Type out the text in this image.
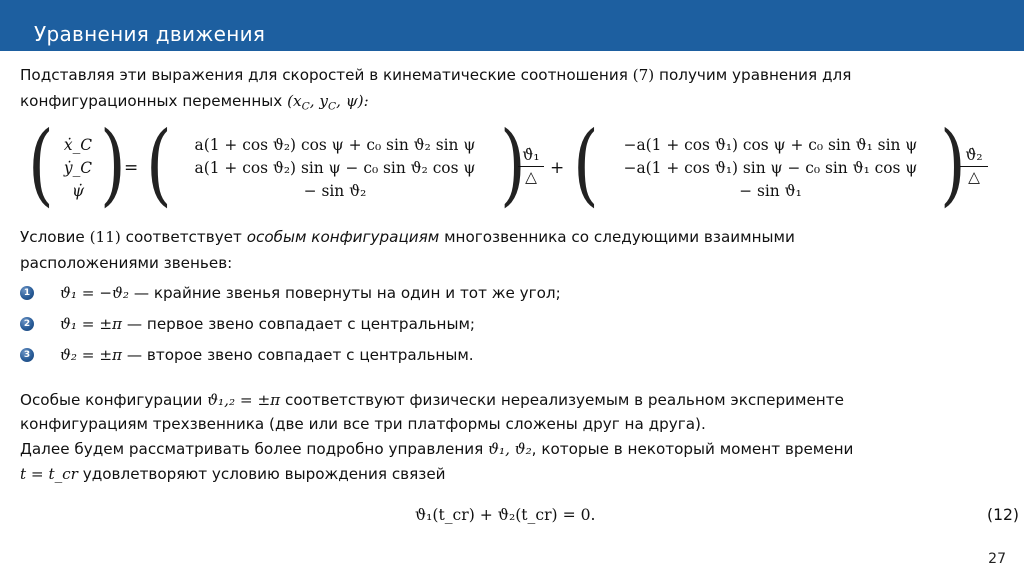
Уравнения движения

Подставляя эти выражения для скоростей в кинематические соотношения (7) получим уравнения для

конфигурационных переменных ($x_C$, $y_C$, ψ):

( ẋ_C
ẏ_C
ψ̇ )
= (	a(1 + cos ϑ₂) cos ψ + c₀ sin ϑ₂ sin ψ
a(1 + cos ϑ₂) sin ψ − c₀ sin ϑ₂ cos ψ
− sin ϑ₂	)
ϑ̇₁
△ + (	−a(1 + cos ϑ₁) cos ψ + c₀ sin ϑ₁ sin ψ
−a(1 + cos ϑ₁) sin ψ − c₀ sin ϑ₁ cos ψ
− sin ϑ₁	) ϑ̇₂
△

Условие (11) соответствует особым конфигурациям многозвенника со следующими взаимными

расположениями звеньев:

1 ϑ₁ = −ϑ₂ — крайние звенья повернуты на один и тот же угол;
2 ϑ₁ = ±π — первое звено совпадает с центральным;
3 ϑ₂ = ±π — второе звено совпадает с центральным.

Особые конфигурации ϑ₁,₂ = ±π соответствуют физически нереализуемым в реальном эксперименте

конфигурациям трехзвенника (две или все три платформы сложены друг на друга).

Далее будем рассматривать более подробно управления ϑ₁, ϑ₂, которые в некоторый момент времени

t = t_cr удовлетворяют условию вырождения связей

ϑ₁(t_cr) + ϑ₂(t_cr) = 0.	(12)
27
